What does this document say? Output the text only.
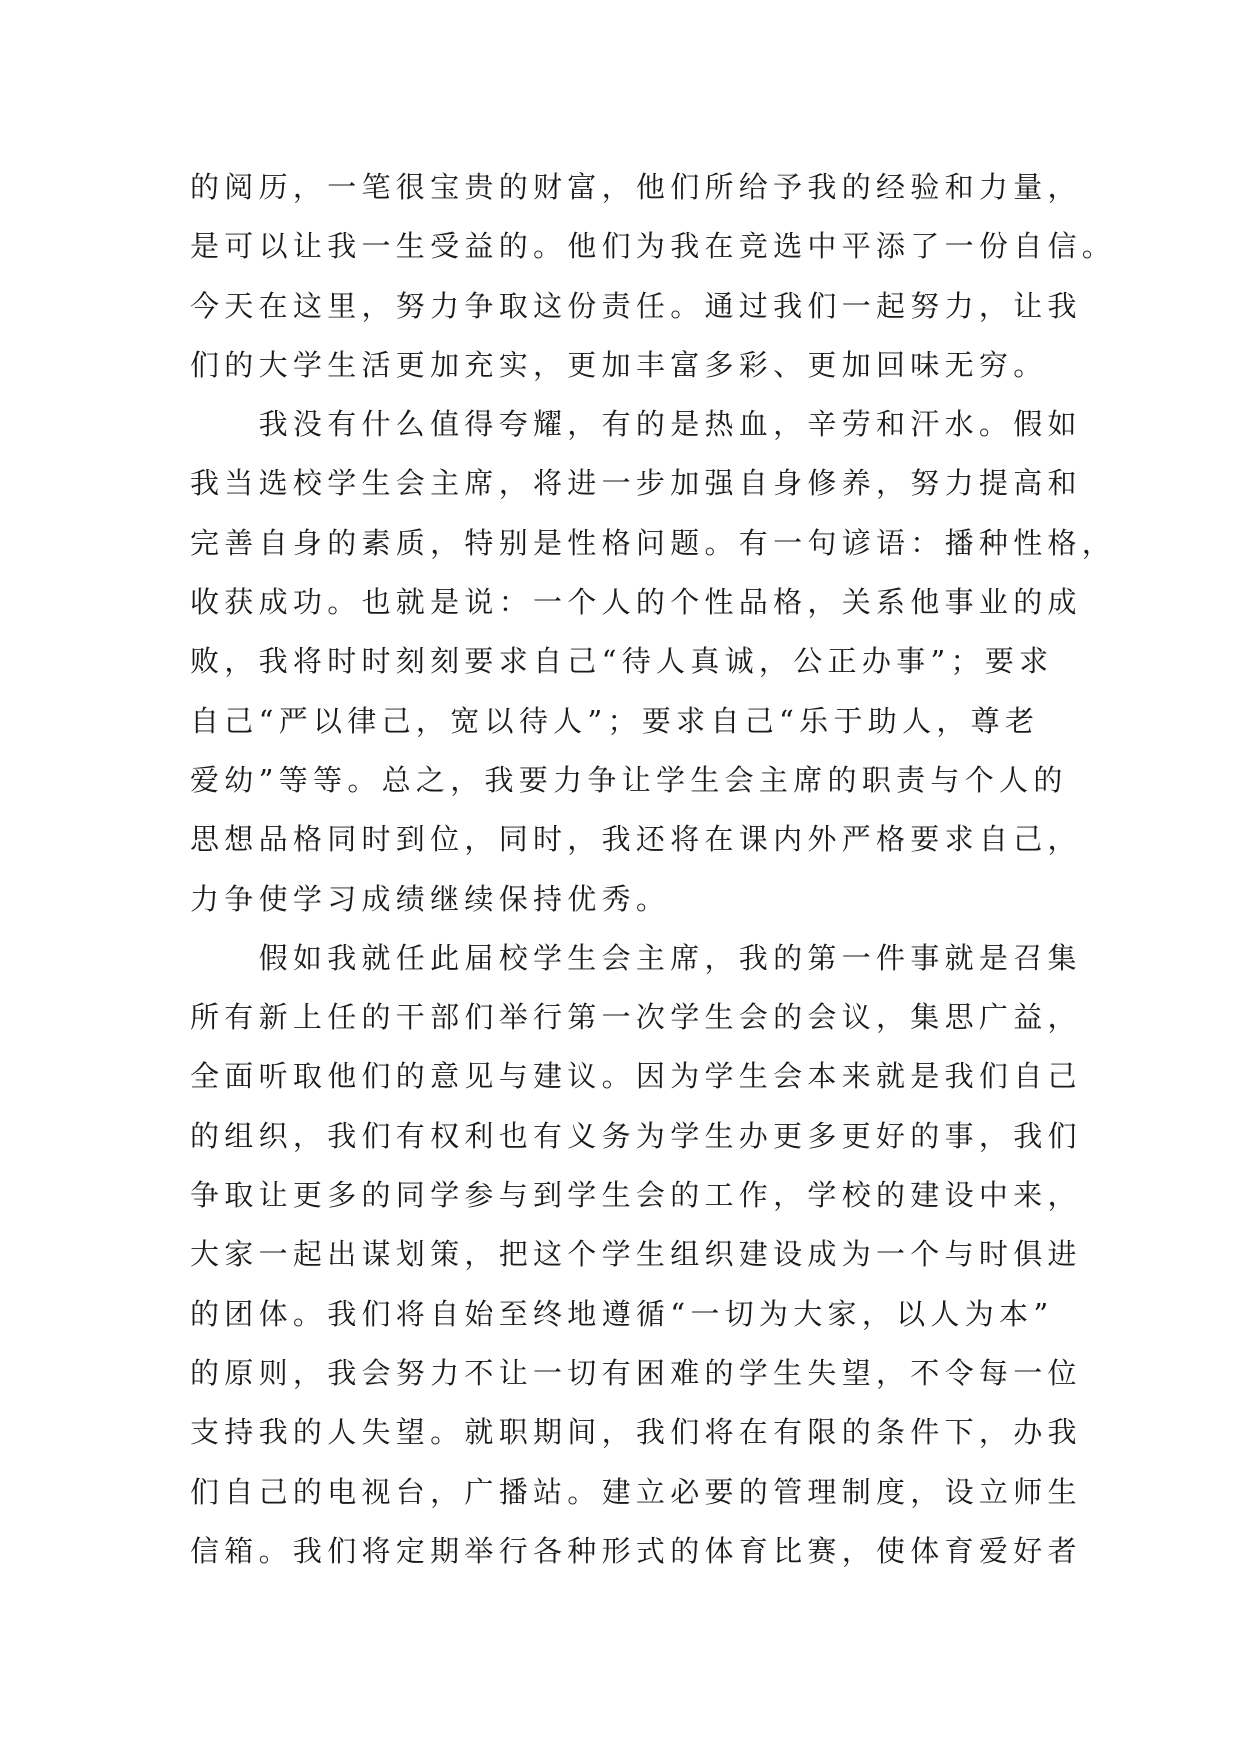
的阅历，一笔很宝贵的财富，他们所给予我的经验和力量，
是可以让我一生受益的。他们为我在竞选中平添了一份自信。
今天在这里，努力争取这份责任。通过我们一起努力，让我
们的大学生活更加充实，更加丰富多彩、更加回味无穷。
　　我没有什么值得夸耀，有的是热血，辛劳和汗水。假如
我当选校学生会主席，将进一步加强自身修养，努力提高和
完善自身的素质，特别是性格问题。有一句谚语：播种性格，
收获成功。也就是说：一个人的个性品格，关系他事业的成
败，我将时时刻刻要求自己“待人真诚，公正办事”；要求
自己“严以律己，宽以待人”；要求自己“乐于助人，尊老
爱幼”等等。总之，我要力争让学生会主席的职责与个人的
思想品格同时到位，同时，我还将在课内外严格要求自己，
力争使学习成绩继续保持优秀。
　　假如我就任此届校学生会主席，我的第一件事就是召集
所有新上任的干部们举行第一次学生会的会议，集思广益，
全面听取他们的意见与建议。因为学生会本来就是我们自己
的组织，我们有权利也有义务为学生办更多更好的事，我们
争取让更多的同学参与到学生会的工作，学校的建设中来，
大家一起出谋划策，把这个学生组织建设成为一个与时俱进
的团体。我们将自始至终地遵循“一切为大家，以人为本”
的原则，我会努力不让一切有困难的学生失望，不令每一位
支持我的人失望。就职期间，我们将在有限的条件下，办我
们自己的电视台，广播站。建立必要的管理制度，设立师生
信箱。我们将定期举行各种形式的体育比赛，使体育爱好者
